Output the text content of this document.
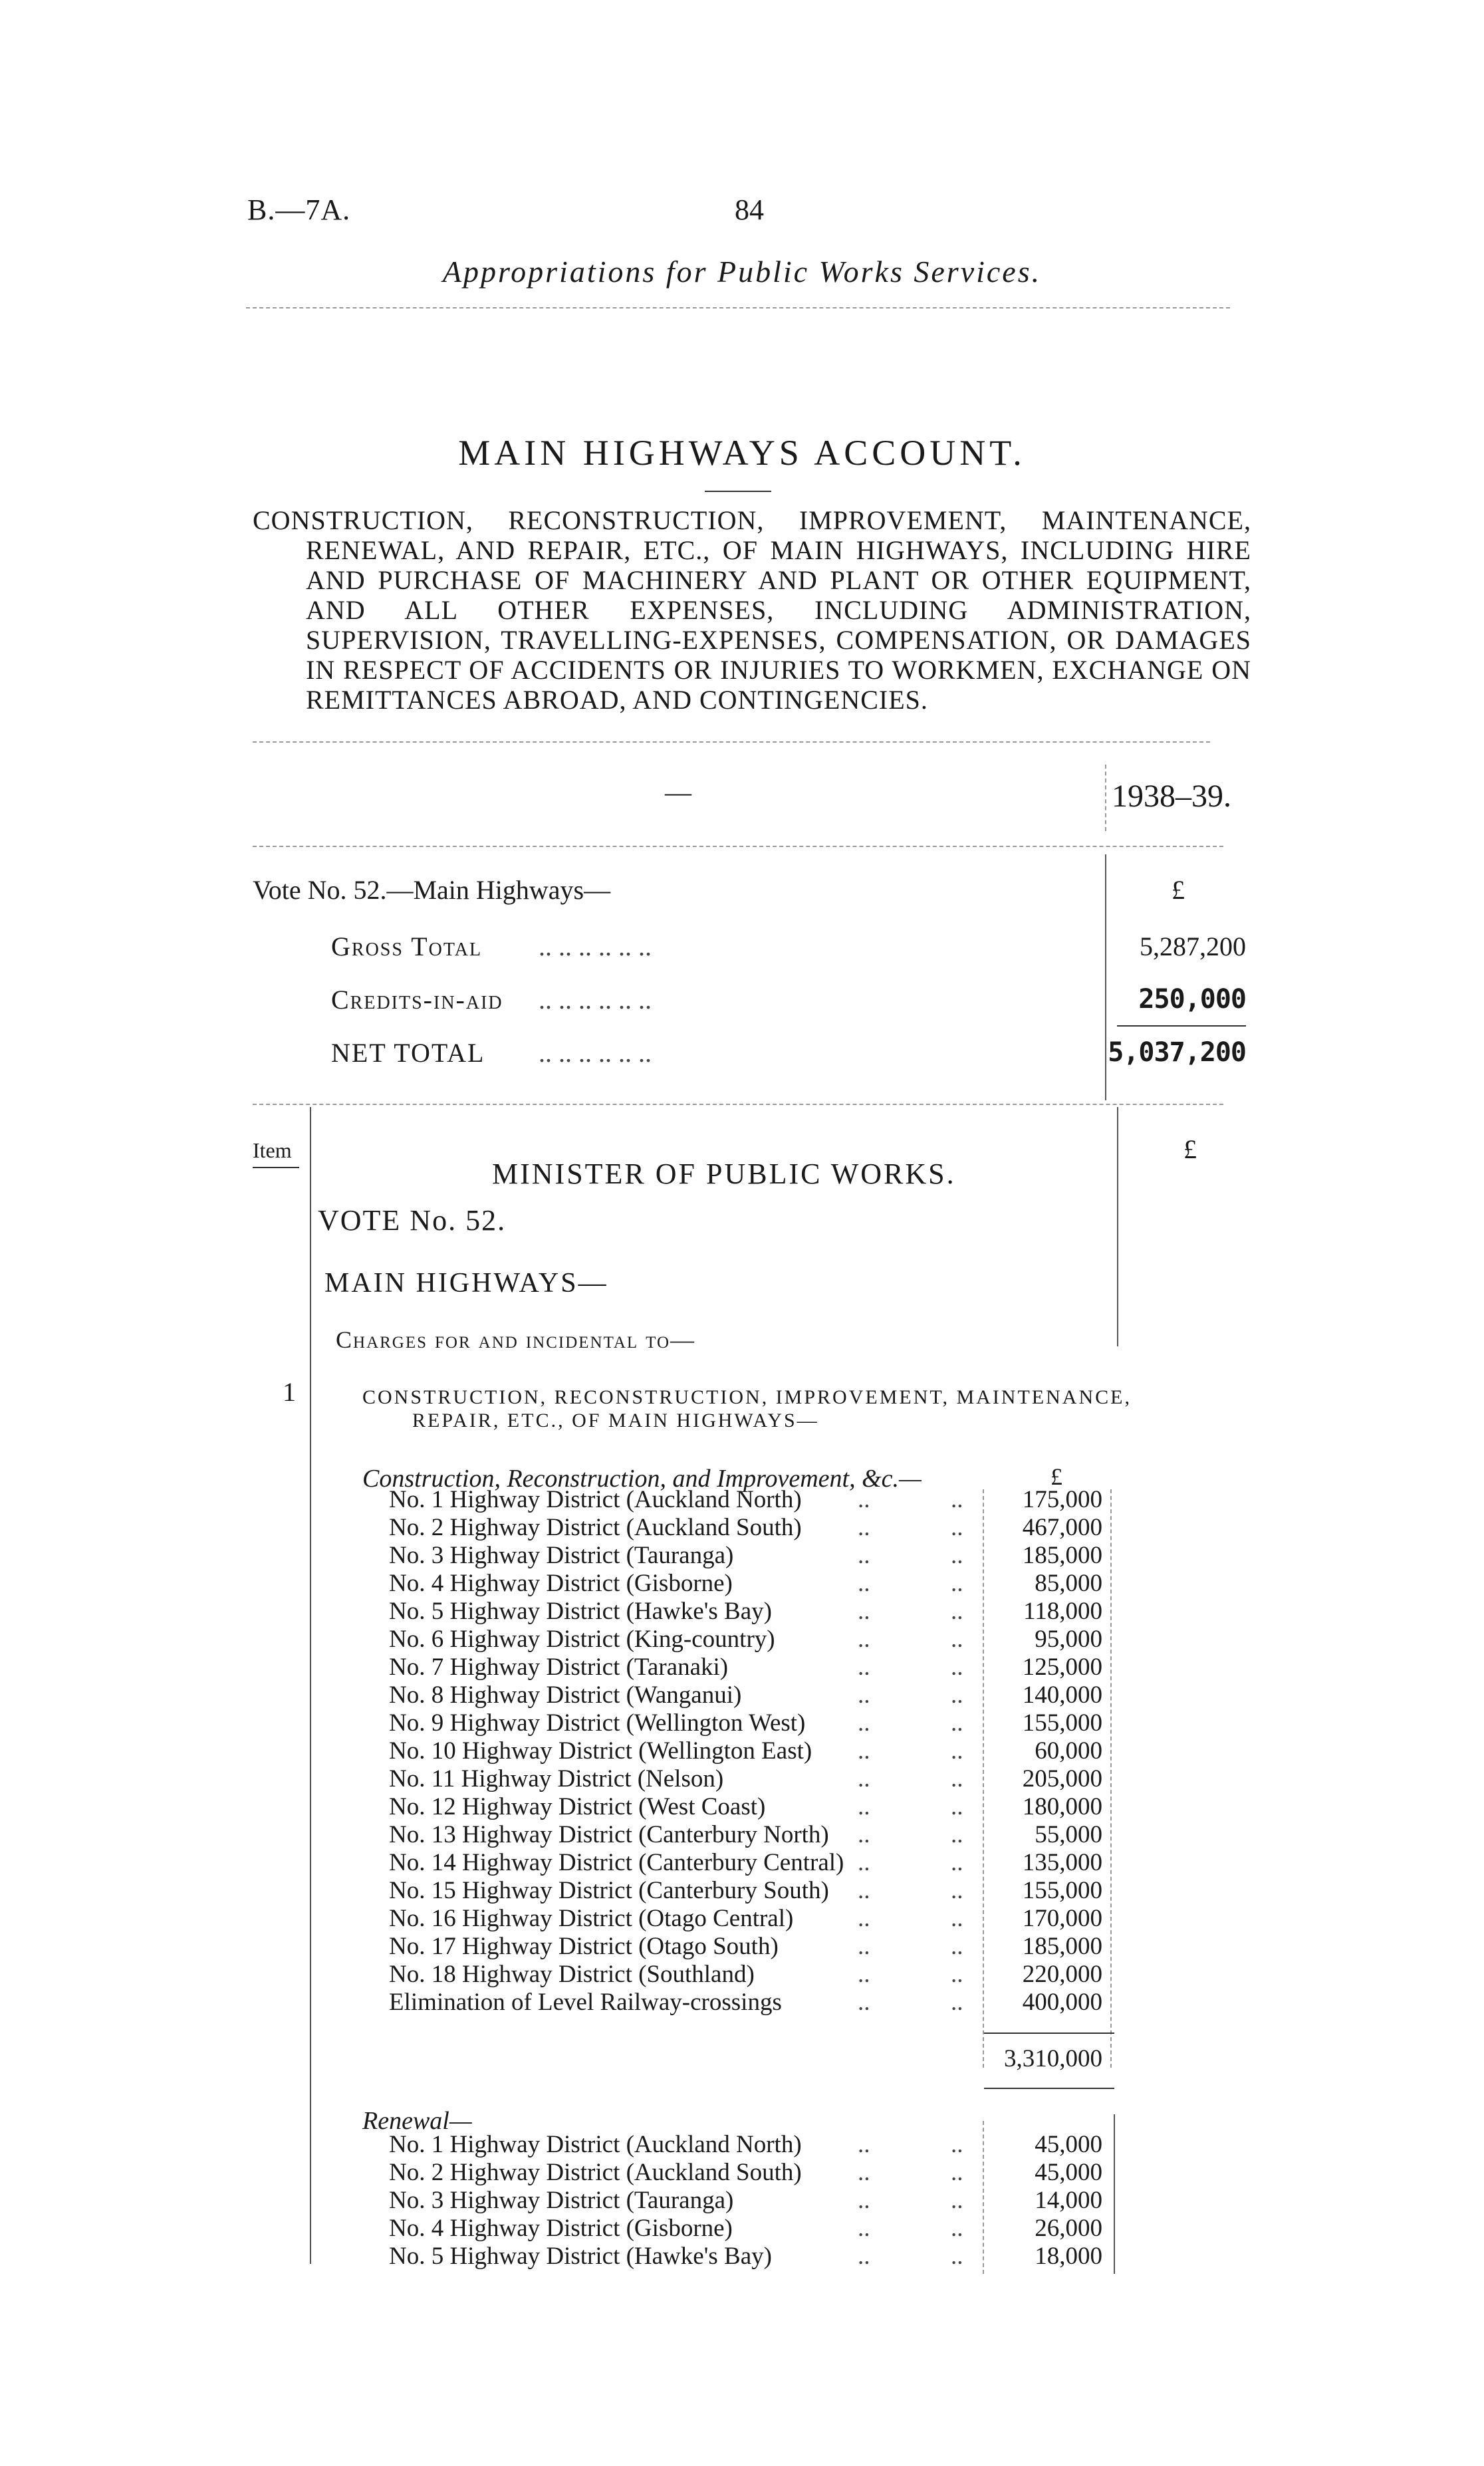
B.—7A.	84
Appropriations for Public Works Services.
MAIN HIGHWAYS ACCOUNT.
CONSTRUCTION, RECONSTRUCTION, IMPROVEMENT, MAINTENANCE, RENEWAL, AND REPAIR, ETC., OF MAIN HIGHWAYS, INCLUDING HIRE AND PURCHASE OF MACHINERY AND PLANT OR OTHER EQUIPMENT, AND ALL OTHER EXPENSES, INCLUDING ADMINISTRATION, SUPERVISION, TRAVELLING-EXPENSES, COMPENSATION, OR DAMAGES IN RESPECT OF ACCIDENTS OR INJURIES TO WORKMEN, EXCHANGE ON REMITTANCES ABROAD, AND CONTINGENCIES.
—	1938–39.
Vote No. 52.—Main Highways—	£
Gross Total .. .. .. .. .. ..	5,287,200
Credits-in-aid .. .. .. .. .. ..	250,000
NET TOTAL .. .. .. .. .. ..	5,037,200
Item	£
MINISTER OF PUBLIC WORKS.
VOTE No. 52.
MAIN HIGHWAYS—
Charges for and incidental to—
1	CONSTRUCTION, RECONSTRUCTION, IMPROVEMENT, MAINTENANCE,
REPAIR, ETC., OF MAIN HIGHWAYS—
Construction, Reconstruction, and Improvement, &c.—	£
No. 1 Highway District (Auckland North) ..	.. 175,000
No. 2 Highway District (Auckland South) ..	.. 467,000
No. 3 Highway District (Tauranga)	..	.. 185,000
No. 4 Highway District (Gisborne)	..	..	85,000
No. 5 Highway District (Hawke's Bay)	..	.. 118,000
No. 6 Highway District (King-country)	..	..	95,000
No. 7 Highway District (Taranaki)	..	.. 125,000
No. 8 Highway District (Wanganui)	..	.. 140,000
No. 9 Highway District (Wellington West) ..	.. 155,000
No. 10 Highway District (Wellington East) ..	..	60,000
No. 11 Highway District (Nelson)	..	.. 205,000
No. 12 Highway District (West Coast)	..	.. 180,000
No. 13 Highway District (Canterbury North) ..	..	55,000
No. 14 Highway District (Canterbury Central) ..	.. 135,000
No. 15 Highway District (Canterbury South) ..	.. 155,000
No. 16 Highway District (Otago Central)	..	.. 170,000
No. 17 Highway District (Otago South)	..	.. 185,000
No. 18 Highway District (Southland)	..	.. 220,000
Elimination of Level Railway-crossings	..	.. 400,000
3,310,000
Renewal—
No. 1 Highway District (Auckland North) ..	..	45,000
No. 2 Highway District (Auckland South) ..	..	45,000
No. 3 Highway District (Tauranga)	..	..	14,000
No. 4 Highway District (Gisborne)	..	..	26,000
No. 5 Highway District (Hawke's Bay)	..	..	18,000
